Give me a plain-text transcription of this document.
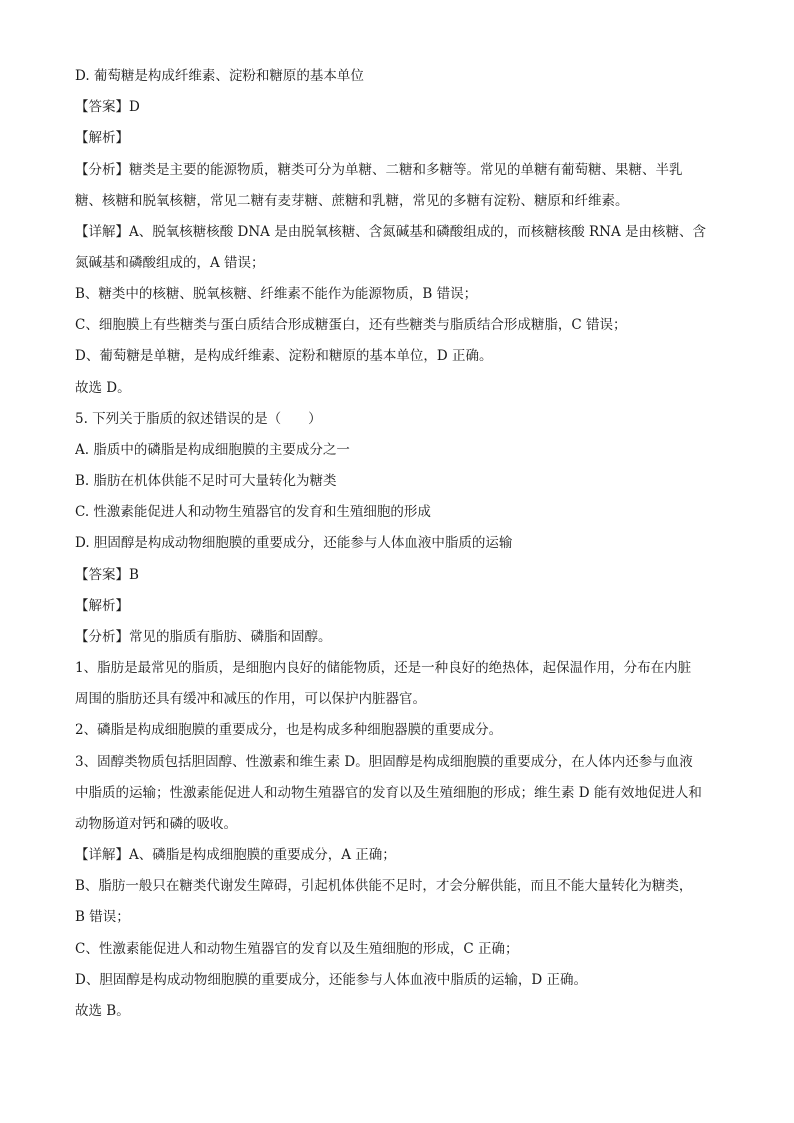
D. 葡萄糖是构成纤维素、淀粉和糖原的基本单位
【答案】D
【解析】
【分析】糖类是主要的能源物质，糖类可分为单糖、二糖和多糖等。常见的单糖有葡萄糖、果糖、半乳
糖、核糖和脱氧核糖，常见二糖有麦芽糖、蔗糖和乳糖，常见的多糖有淀粉、糖原和纤维素。
【详解】A、脱氧核糖核酸 DNA 是由脱氧核糖、含氮碱基和磷酸组成的，而核糖核酸 RNA 是由核糖、含
氮碱基和磷酸组成的，A 错误；
B、糖类中的核糖、脱氧核糖、纤维素不能作为能源物质，B 错误；
C、细胞膜上有些糖类与蛋白质结合形成糖蛋白，还有些糖类与脂质结合形成糖脂，C 错误；
D、葡萄糖是单糖，是构成纤维素、淀粉和糖原的基本单位，D 正确。
故选 D。
5. 下列关于脂质的叙述错误的是（　　）
A. 脂质中的磷脂是构成细胞膜的主要成分之一
B. 脂肪在机体供能不足时可大量转化为糖类
C. 性激素能促进人和动物生殖器官的发育和生殖细胞的形成
D. 胆固醇是构成动物细胞膜的重要成分，还能参与人体血液中脂质的运输
【答案】B
【解析】
【分析】常见的脂质有脂肪、磷脂和固醇。
1、脂肪是最常见的脂质，是细胞内良好的储能物质，还是一种良好的绝热体，起保温作用，分布在内脏
周围的脂肪还具有缓冲和减压的作用，可以保护内脏器官。
2、磷脂是构成细胞膜的重要成分，也是构成多种细胞器膜的重要成分。
3、固醇类物质包括胆固醇、性激素和维生素 D。胆固醇是构成细胞膜的重要成分，在人体内还参与血液
中脂质的运输；性激素能促进人和动物生殖器官的发育以及生殖细胞的形成；维生素 D 能有效地促进人和
动物肠道对钙和磷的吸收。
【详解】A、磷脂是构成细胞膜的重要成分，A 正确；
B、脂肪一般只在糖类代谢发生障碍，引起机体供能不足时，才会分解供能，而且不能大量转化为糖类，
B 错误；
C、性激素能促进人和动物生殖器官的发育以及生殖细胞的形成，C 正确；
D、胆固醇是构成动物细胞膜的重要成分，还能参与人体血液中脂质的运输，D 正确。
故选 B。
